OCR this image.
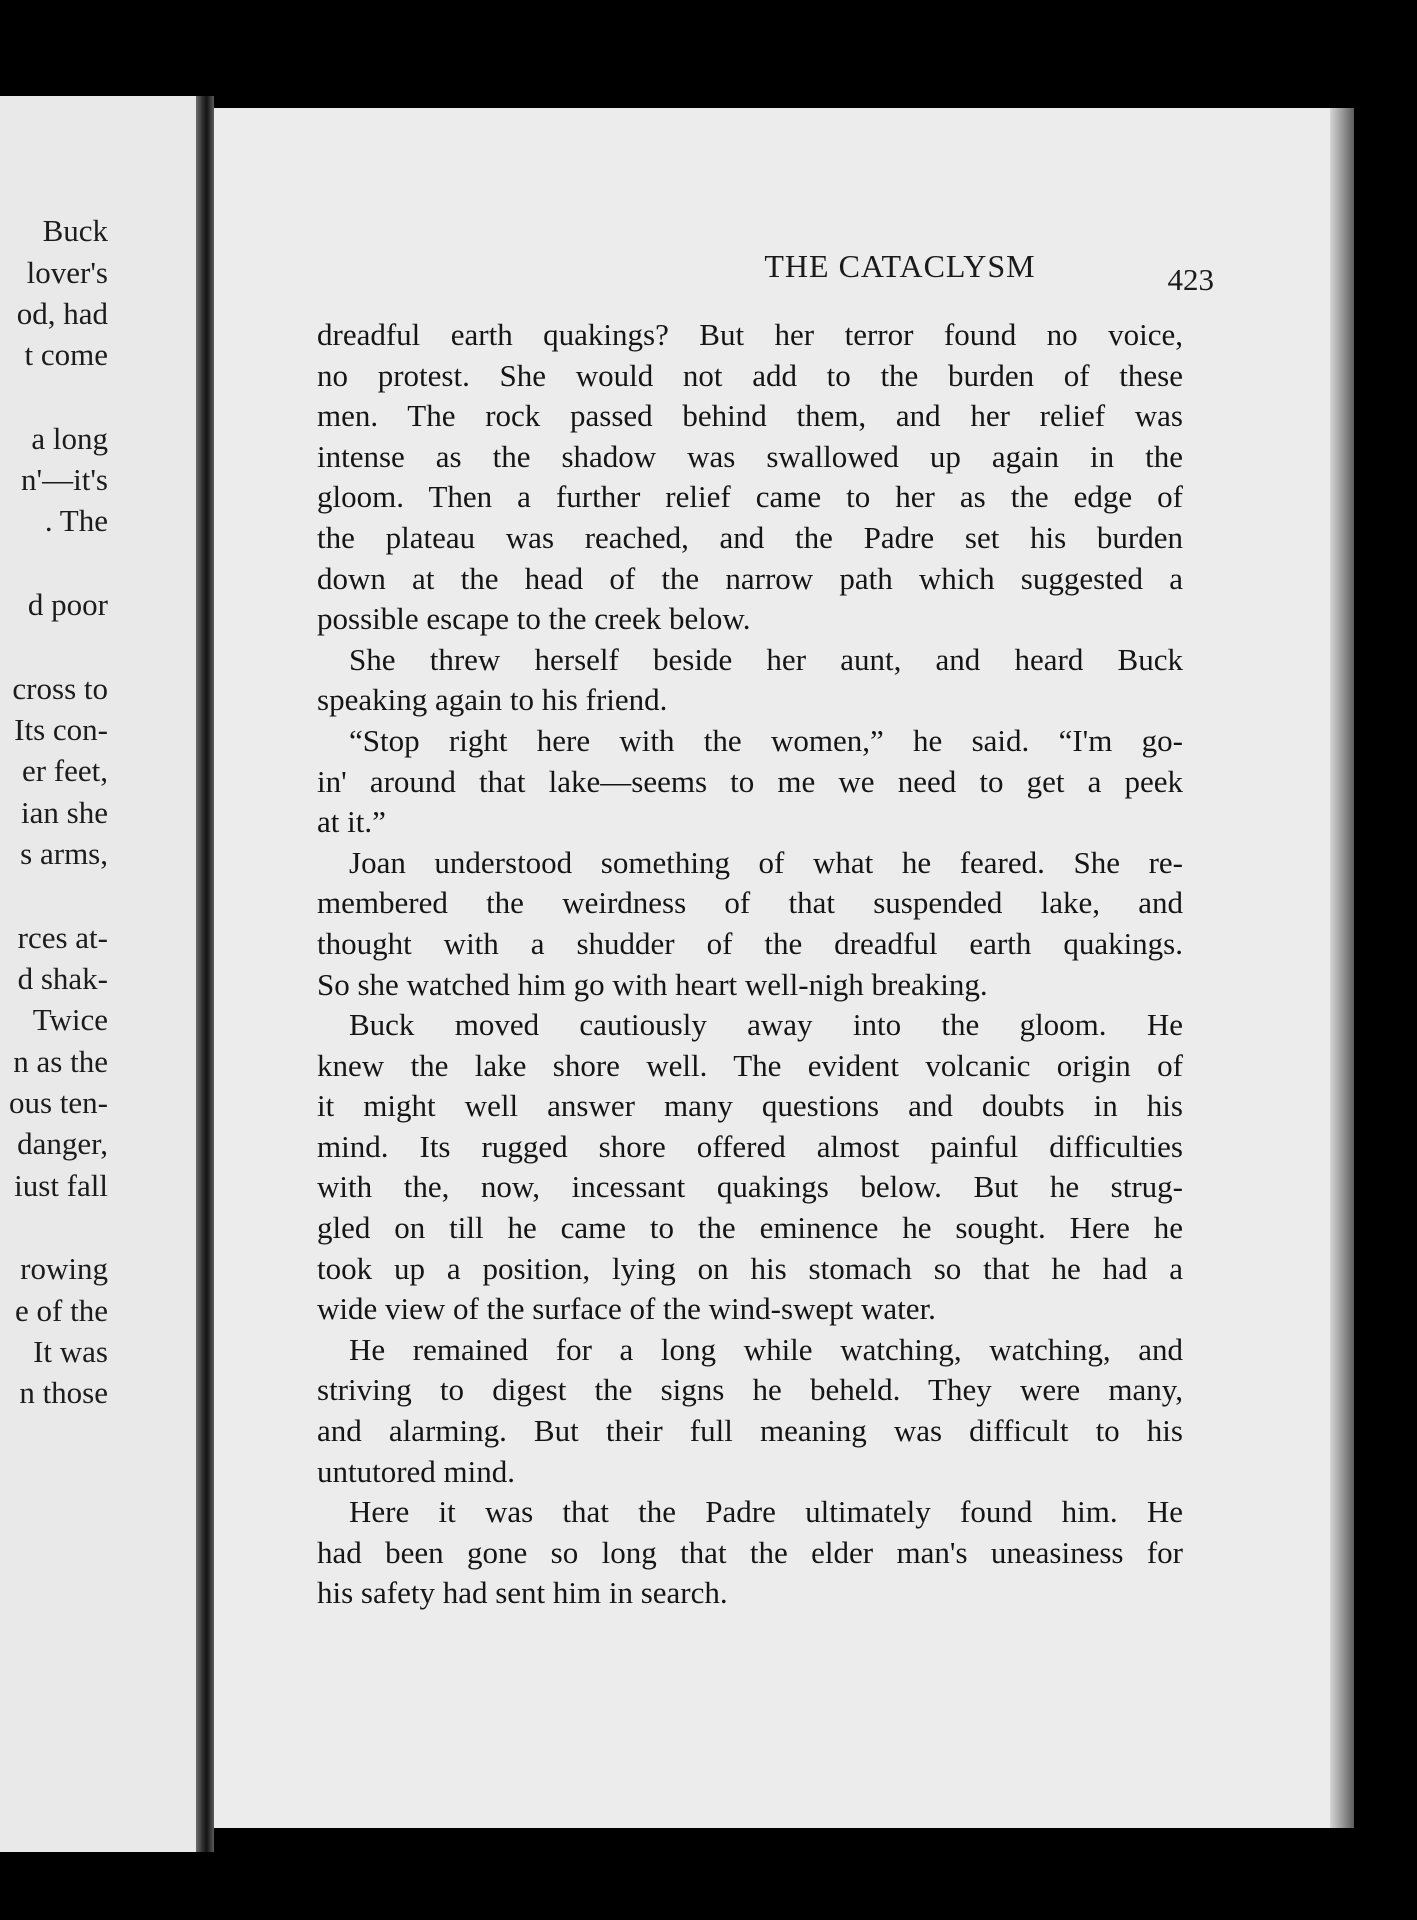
Buck
lover's
od, had
t come
a long
n'—it's
. The
d poor
cross to
Its con-
er feet,
ian she
s arms,
rces at-
d shak-
Twice
n as the
ous ten-
danger,
iust fall
rowing
e of the
It was
n those
THE CATACLYSM	423
dreadful earth quakings? But her terror found no voice,
no protest. She would not add to the burden of these
men. The rock passed behind them, and her relief was
intense as the shadow was swallowed up again in the
gloom. Then a further relief came to her as the edge of
the plateau was reached, and the Padre set his burden
down at the head of the narrow path which suggested a
possible escape to the creek below.
She threw herself beside her aunt, and heard Buck
speaking again to his friend.
“Stop right here with the women,” he said. “I'm go-
in' around that lake—seems to me we need to get a peek
at it.”
Joan understood something of what he feared. She re-
membered the weirdness of that suspended lake, and
thought with a shudder of the dreadful earth quakings.
So she watched him go with heart well-nigh breaking.
Buck moved cautiously away into the gloom. He
knew the lake shore well. The evident volcanic origin of
it might well answer many questions and doubts in his
mind. Its rugged shore offered almost painful difficulties
with the, now, incessant quakings below. But he strug-
gled on till he came to the eminence he sought. Here he
took up a position, lying on his stomach so that he had a
wide view of the surface of the wind-swept water.
He remained for a long while watching, watching, and
striving to digest the signs he beheld. They were many,
and alarming. But their full meaning was difficult to his
untutored mind.
Here it was that the Padre ultimately found him. He
had been gone so long that the elder man's uneasiness for
his safety had sent him in search.
